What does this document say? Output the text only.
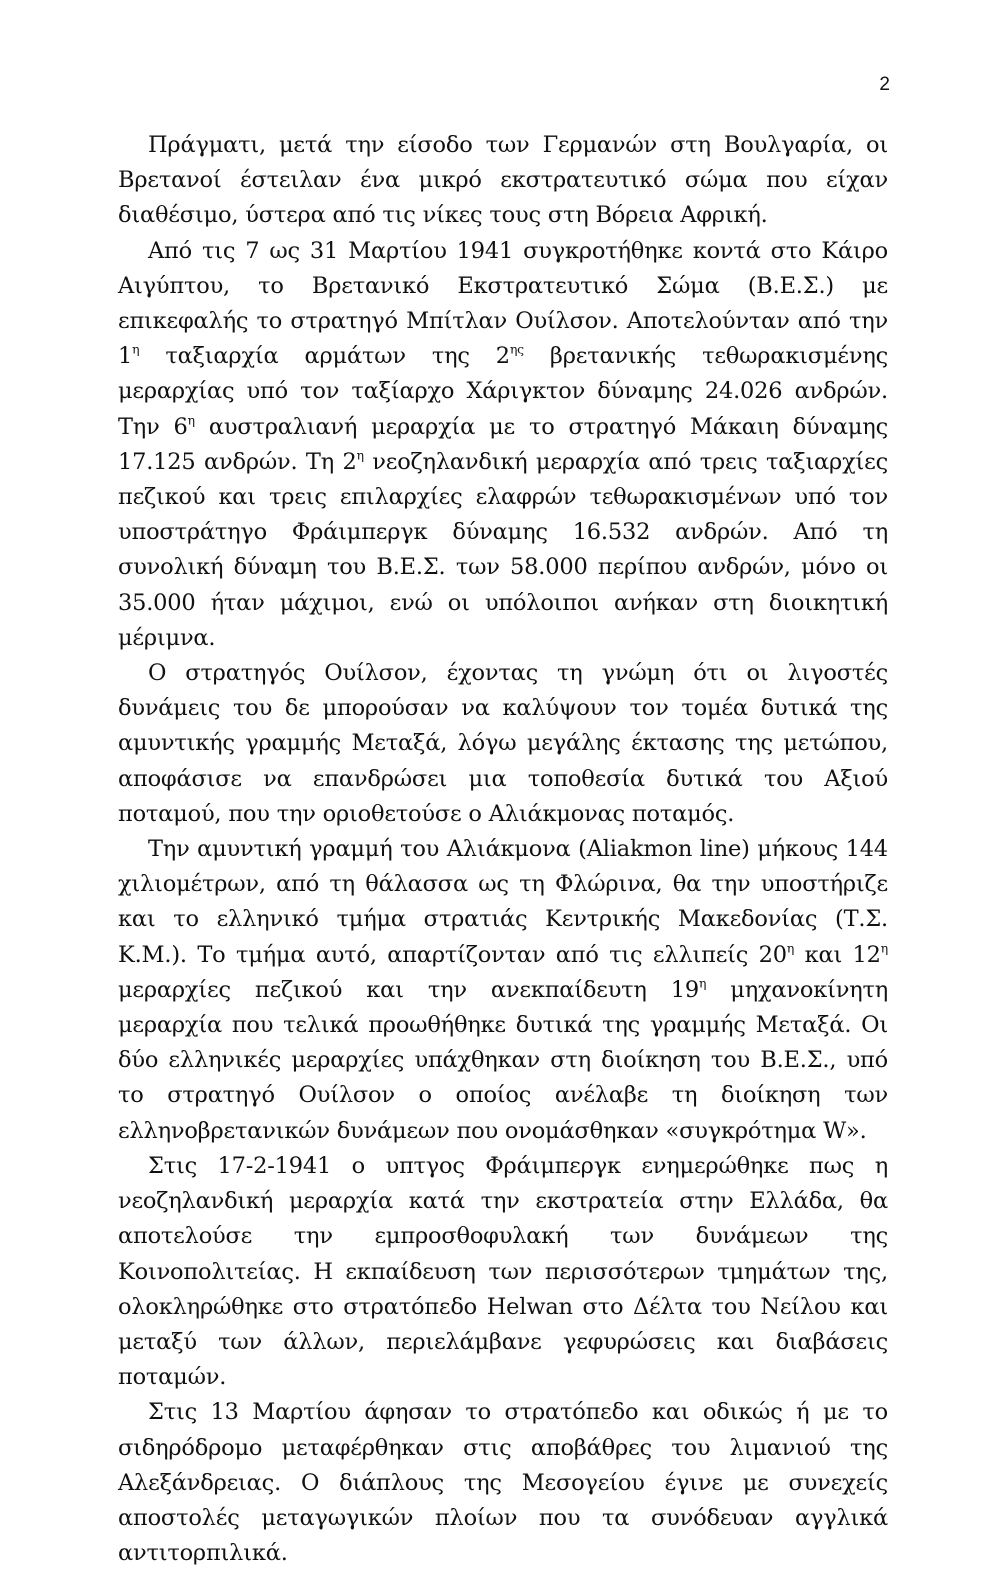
2

Πράγματι, μετά την είσοδο των Γερμανών στη Βουλγαρία, οι Βρετανοί έστειλαν ένα μικρό εκστρατευτικό σώμα που είχαν διαθέσιμο, ύστερα από τις νίκες τους στη Βόρεια Αφρική.

Από τις 7 ως 31 Μαρτίου 1941 συγκροτήθηκε κοντά στο Κάιρο Αιγύπτου, το Βρετανικό Εκστρατευτικό Σώμα (Β.Ε.Σ.) με επικεφαλής το στρατηγό Μπίτλαν Ουίλσον. Αποτελούνταν από την $1^\eta$ ταξιαρχία αρμάτων της $2^{\eta\varsigma}$ βρετανικής τεθωρακισμένης μεραρχίας υπό τον ταξίαρχο Χάριγκτον δύναμης 24.026 ανδρών. Την $6^\eta$ αυστραλιανή μεραρχία με το στρατηγό Μάκαιη δύναμης 17.125 ανδρών. Τη $2^\eta$ νεοζηλανδική μεραρχία από τρεις ταξιαρχίες πεζικού και τρεις επιλαρχίες ελαφρών τεθωρακισμένων υπό τον υποστράτηγο Φράιμπεργκ δύναμης 16.532 ανδρών. Από τη συνολική δύναμη του Β.Ε.Σ. των 58.000 περίπου ανδρών, μόνο οι 35.000 ήταν μάχιμοι, ενώ οι υπόλοιποι ανήκαν στη διοικητική μέριμνα.

Ο στρατηγός Ουίλσον, έχοντας τη γνώμη ότι οι λιγοστές δυνάμεις του δε μπορούσαν να καλύψουν τον τομέα δυτικά της αμυντικής γραμμής Μεταξά, λόγω μεγάλης έκτασης της μετώπου, αποφάσισε να επανδρώσει μια τοποθεσία δυτικά του Αξιού ποταμού, που την οριοθετούσε ο Αλιάκμονας ποταμός.

Την αμυντική γραμμή του Αλιάκμονα (Aliakmon line) μήκους 144 χιλιομέτρων, από τη θάλασσα ως τη Φλώρινα, θα την υποστήριζε και το ελληνικό τμήμα στρατιάς Κεντρικής Μακεδονίας (Τ.Σ. Κ.Μ.). Το τμήμα αυτό, απαρτίζονταν από τις ελλιπείς $20^\eta$ και $12^\eta$ μεραρχίες πεζικού και την ανεκπαίδευτη $19^\eta$ μηχανοκίνητη μεραρχία που τελικά προωθήθηκε δυτικά της γραμμής Μεταξά. Οι δύο ελληνικές μεραρχίες υπάχθηκαν στη διοίκηση του Β.Ε.Σ., υπό το στρατηγό Ουίλσον ο οποίος ανέλαβε τη διοίκηση των ελληνοβρετανικών δυνάμεων που ονομάσθηκαν «συγκρότημα W».

Στις 17-2-1941 ο υπτγος Φράιμπεργκ ενημερώθηκε πως η νεοζηλανδική μεραρχία κατά την εκστρατεία στην Ελλάδα, θα αποτελούσε την εμπροσθοφυλακή των δυνάμεων της Κοινοπολιτείας. Η εκπαίδευση των περισσότερων τμημάτων της, ολοκληρώθηκε στο στρατόπεδο Helwan στο Δέλτα του Νείλου και μεταξύ των άλλων, περιελάμβανε γεφυρώσεις και διαβάσεις ποταμών.

Στις 13 Μαρτίου άφησαν το στρατόπεδο και οδικώς ή με το σιδηρόδρομο μεταφέρθηκαν στις αποβάθρες του λιμανιού της Αλεξάνδρειας. Ο διάπλους της Μεσογείου έγινε με συνεχείς αποστολές μεταγωγικών πλοίων που τα συνόδευαν αγγλικά αντιτορπιλικά.
